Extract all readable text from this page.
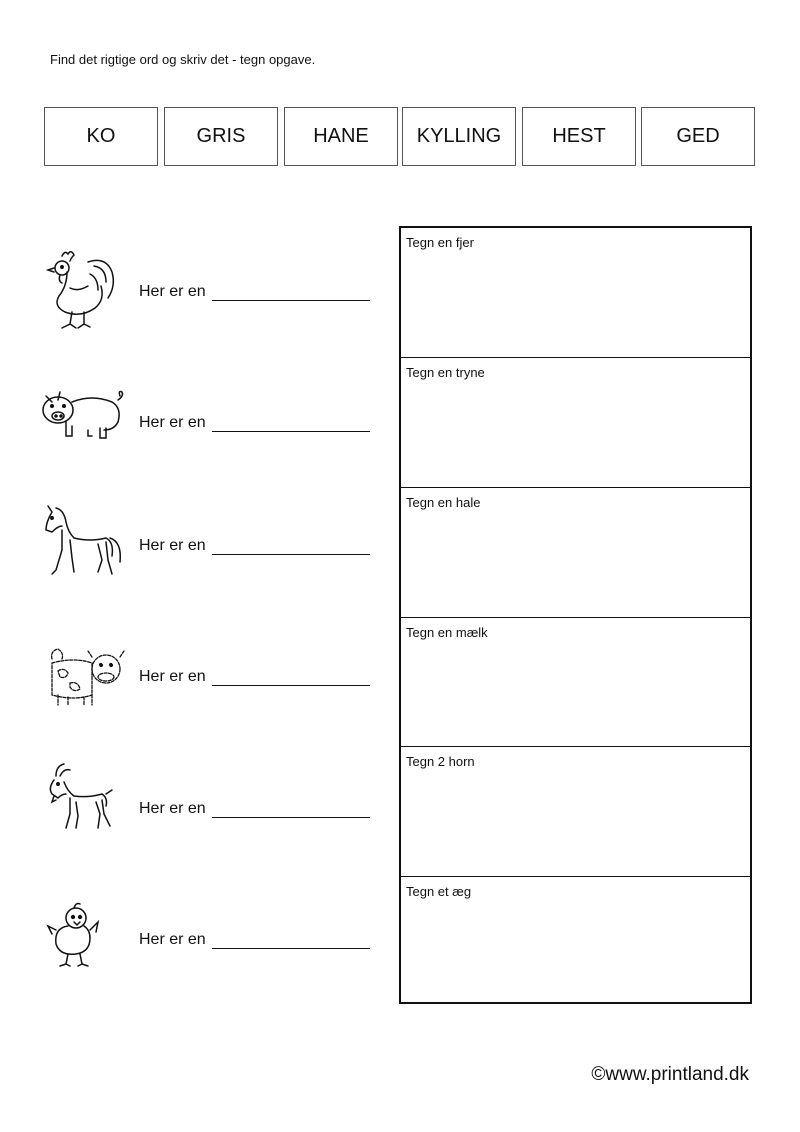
Find det rigtige ord og skriv det - tegn opgave.
KO	GRIS	HANE KYLLING	HEST	GED
Her er en
Her er en
Her er en
Her er en
Her er en
Her er en
Tegn en fjer
Tegn en tryne
Tegn en hale
Tegn en mælk
Tegn 2 horn
Tegn et æg
©www.printland.dk
